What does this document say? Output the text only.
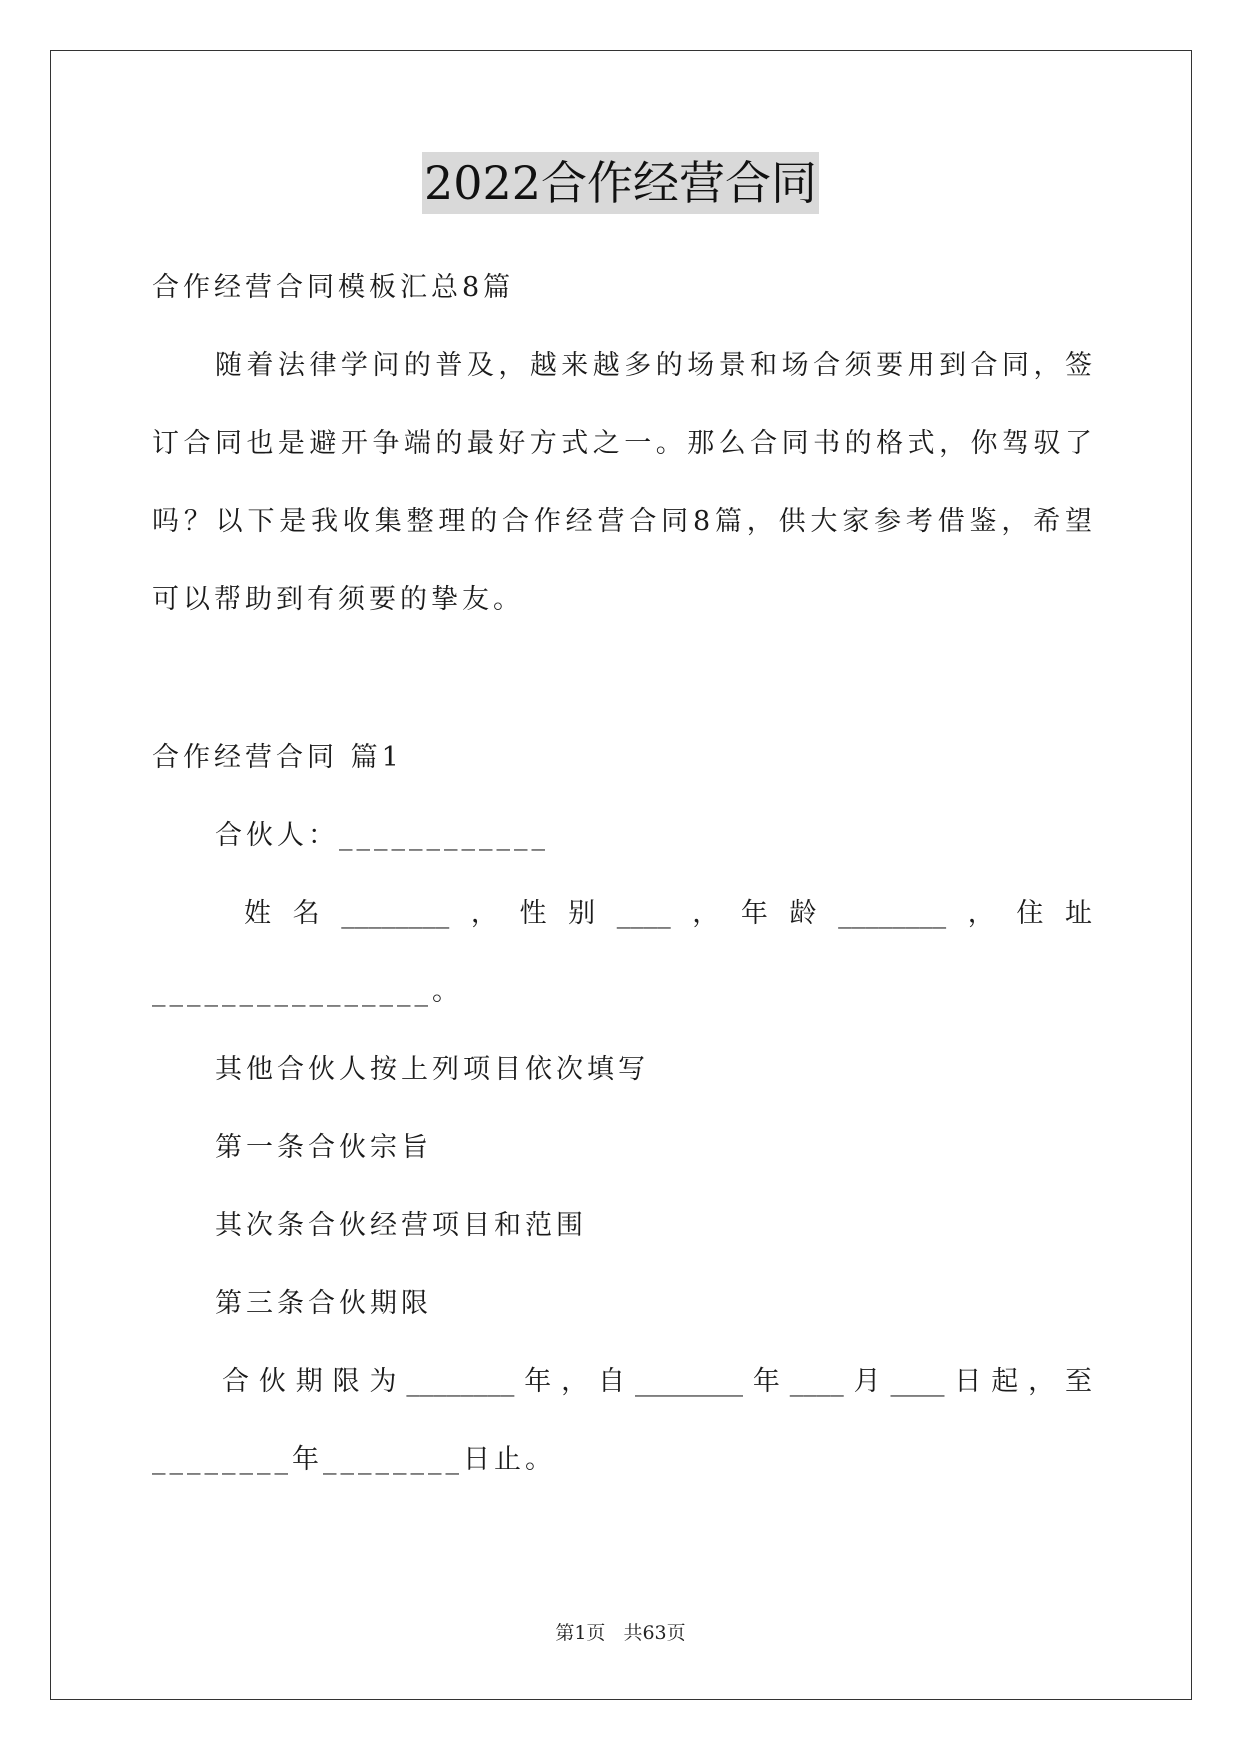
2022合作经营合同
合作经营合同模板汇总8篇
随着法律学问的普及，越来越多的场景和场合须要用到合同，签
订合同也是避开争端的最好方式之一。那么合同书的格式，你驾驭了
吗？以下是我收集整理的合作经营合同8篇，供大家参考借鉴，希望
可以帮助到有须要的挚友。
合作经营合同 篇1
合伙人：____________
姓名________，性别____，年龄________，住址
________________。
其他合伙人按上列项目依次填写
第一条合伙宗旨
其次条合伙经营项目和范围
第三条合伙期限
合伙期限为________年，自________年____月____日起，至
________年________日止。
第1页 共63页
